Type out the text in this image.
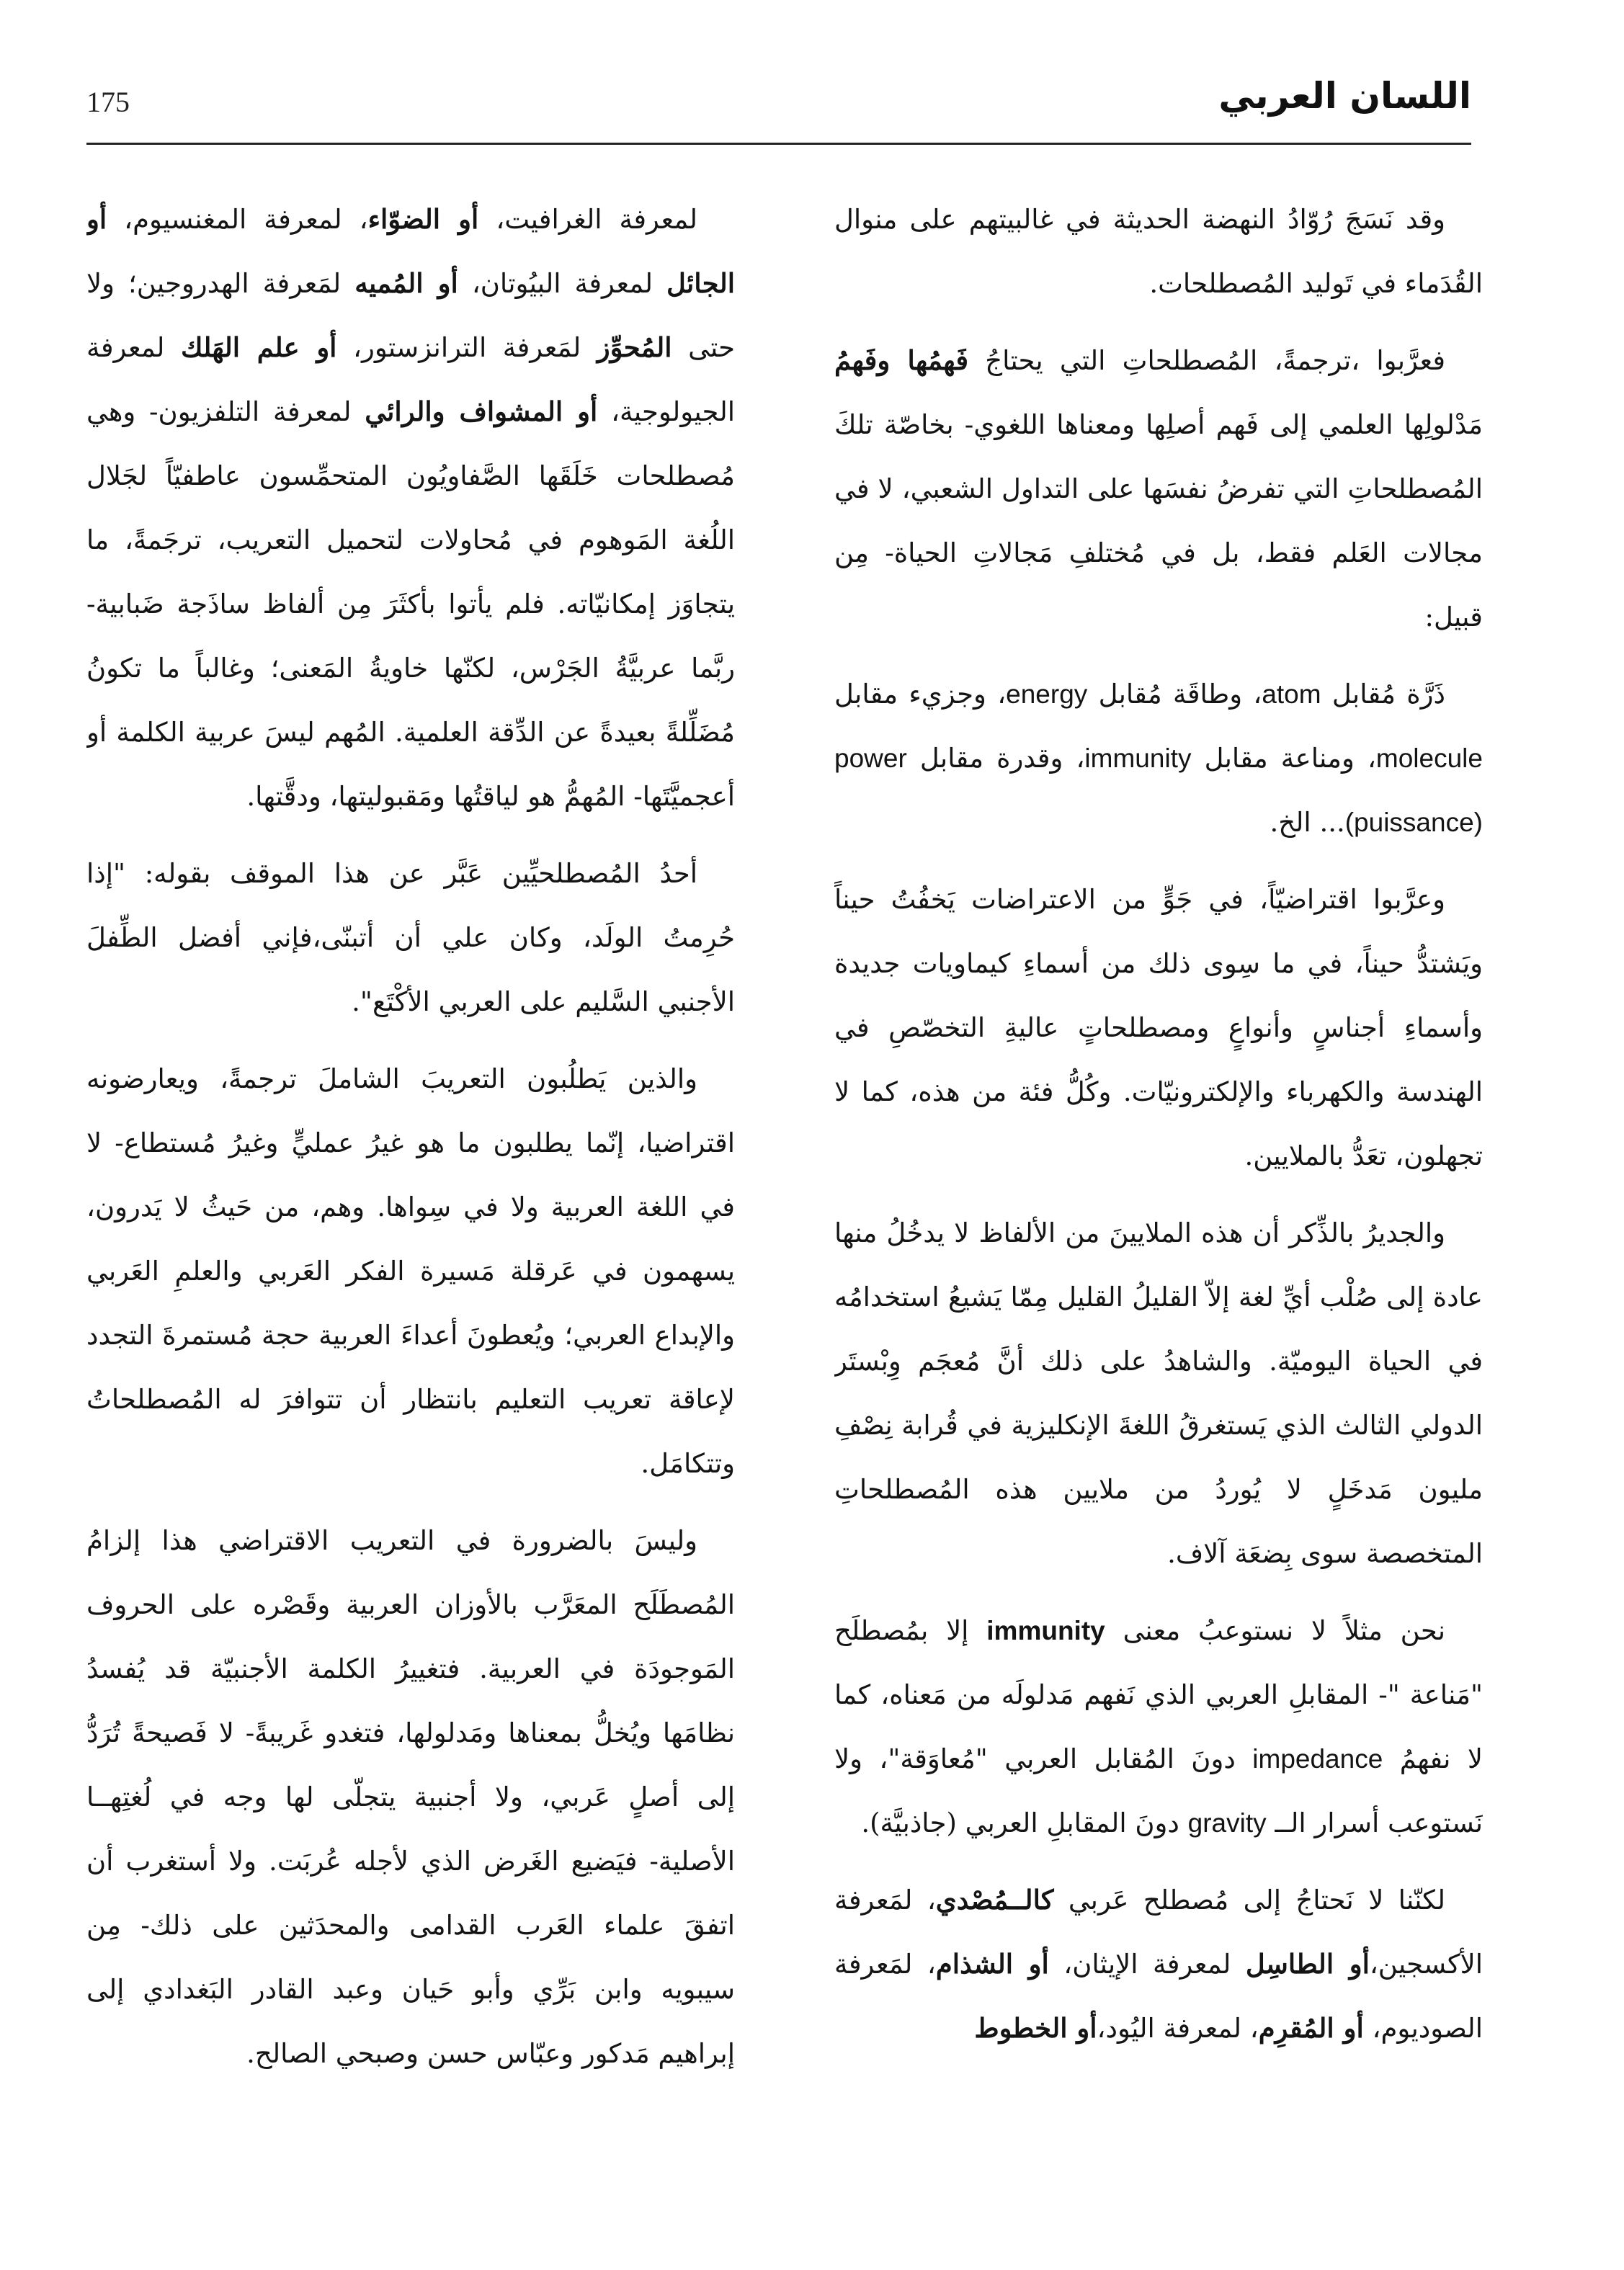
175	اللسان العربي

وقد نَسَجَ رُوّادُ النهضة الحديثة في غالبيتهم على منوال القُدَماء في تَوليد المُصطلحات.

فعرَّبوا ،ترجمةً، المُصطلحاتِ التي يحتاجُ فَهمُها وفَهمُ مَدْلولِها العلمي إلى فَهم أصلِها ومعناها اللغوي- بخاصّة تلكَ المُصطلحاتِ التي تفرضُ نفسَها على التداول الشعبي، لا في مجالات العَلم فقط، بل في مُختلفِ مَجالاتِ الحياة- مِن قبيل:

ذَرَّة مُقابل atom، وطاقَة مُقابل energy، وجزيء مقابل molecule، ومناعة مقابل immunity، وقدرة مقابل power (puissance)... الخ.

وعرَّبوا اقتراضيّاً، في جَوٍّ من الاعتراضات يَخفُتُ حيناً ويَشتدُّ حيناً، في ما سِوى ذلك من أسماءِ كيماويات جديدة وأسماءِ أجناسٍ وأنواعٍ ومصطلحاتٍ عاليةِ التخصّصِ في الهندسة والكهرباء والإلكترونيّات. وكُلُّ فئة من هذه، كما لا تجهلون، تعَدُّ بالملايين.

والجديرُ بالذِّكر أن هذه الملايينَ من الألفاظ لا يدخُلُ منها عادة إلى صُلْب أيِّ لغة إلاّ القليلُ القليل مِمّا يَشيعُ استخدامُه في الحياة اليوميّة. والشاهدُ على ذلك أنَّ مُعجَم وِبْستَر الدولي الثالث الذي يَستغرقُ اللغةَ الإنكليزية في قُرابة نِصْفِ مليون مَدخَلٍ لا يُوردُ من ملايين هذه المُصطلحاتِ المتخصصة سوى بِضعَة آلاف.

نحن مثلاً لا نستوعبُ معنى immunity إلا بمُصطلَح "مَناعة "- المقابلِ العربي الذي نَفهم مَدلولَه من مَعناه، كما لا نفهمُ impedance دونَ المُقابل العربي "مُعاوَقة"، ولا نَستوعب أسرار الــ gravity دونَ المقابلِ العربي (جاذبيَّة).

لكنّنا لا نَحتاجُ إلى مُصطلح عَربي كالــمُصْدي، لمَعرفة الأكسجين،أو الطاسِل لمعرفة الإيثان، أو الشذام، لمَعرفة الصوديوم، أو المُقرِم، لمعرفة اليُود،أو الخطوط

لمعرفة الغرافيت، أو الضوّاء، لمعرفة المغنسيوم، أو الجائل لمعرفة البيُوتان، أو المُميه لمَعرفة الهدروجين؛ ولا حتى المُحوِّز لمَعرفة الترانزستور، أو علم الهَلك لمعرفة الجيولوجية، أو المشواف والرائي لمعرفة التلفزيون- وهي مُصطلحات خَلَقَها الصَّفاويُون المتحمِّسون عاطفيّاً لجَلال اللُغة المَوهوم في مُحاولات لتحميل التعريب، ترجَمةً، ما يتجاوَز إمكانيّاته. فلم يأتوا بأكثَرَ مِن ألفاظ ساذَجة ضَبابية- ربَّما عربيَّةُ الجَرْس، لكنّها خاويةُ المَعنى؛ وغالباً ما تكونُ مُضَلِّلةً بعيدةً عن الدِّقة العلمية. المُهم ليسَ عربية الكلمة أو أعجميَّتَها- المُهمُّ هو لياقتُها ومَقبوليتها، ودقَّتها.

أحدُ المُصطلحيِّين عَبَّر عن هذا الموقف بقوله: "إذا حُرِمتُ الولَد، وكان علي أن أتبنّى،فإني أفضل الطِّفلَ الأجنبي السَّليم على العربي الأكْتَع".

والذين يَطلُبون التعريبَ الشاملَ ترجمةً، ويعارضونه اقتراضيا، إنّما يطلبون ما هو غيرُ عمليٍّ وغيرُ مُستطاع- لا في اللغة العربية ولا في سِواها. وهم، من حَيثُ لا يَدرون، يسهمون في عَرقلة مَسيرة الفكر العَربي والعلمِ العَربي والإبداع العربي؛ ويُعطونَ أعداءَ العربية حجة مُستمرةَ التجدد لإعاقة تعريب التعليم بانتظار أن تتوافرَ له المُصطلحاتُ وتتكامَل.

وليسَ بالضرورة في التعريب الاقتراضي هذا إلزامُ المُصطَلَح المعَرَّب بالأوزان العربية وقَصْره على الحروف المَوجودَة في العربية. فتغييرُ الكلمة الأجنبيّة قد يُفسدُ نظامَها ويُخلُّ بمعناها ومَدلولها، فتغدو غَريبةً- لا فَصيحةً تُرَدُّ إلى أصلٍ عَربي، ولا أجنبية يتجلّى لها وجه في لُغتِهــا الأصلية- فيَضيع الغَرض الذي لأجله عُربَت. ولا أستغرب أن اتفقَ علماء العَرب القدامى والمحدَثين على ذلك- مِن سيبويه وابن بَرِّي وأبو حَيان وعبد القادر البَغدادي إلى إبراهيم مَدكور وعبّاس حسن وصبحي الصالح.
